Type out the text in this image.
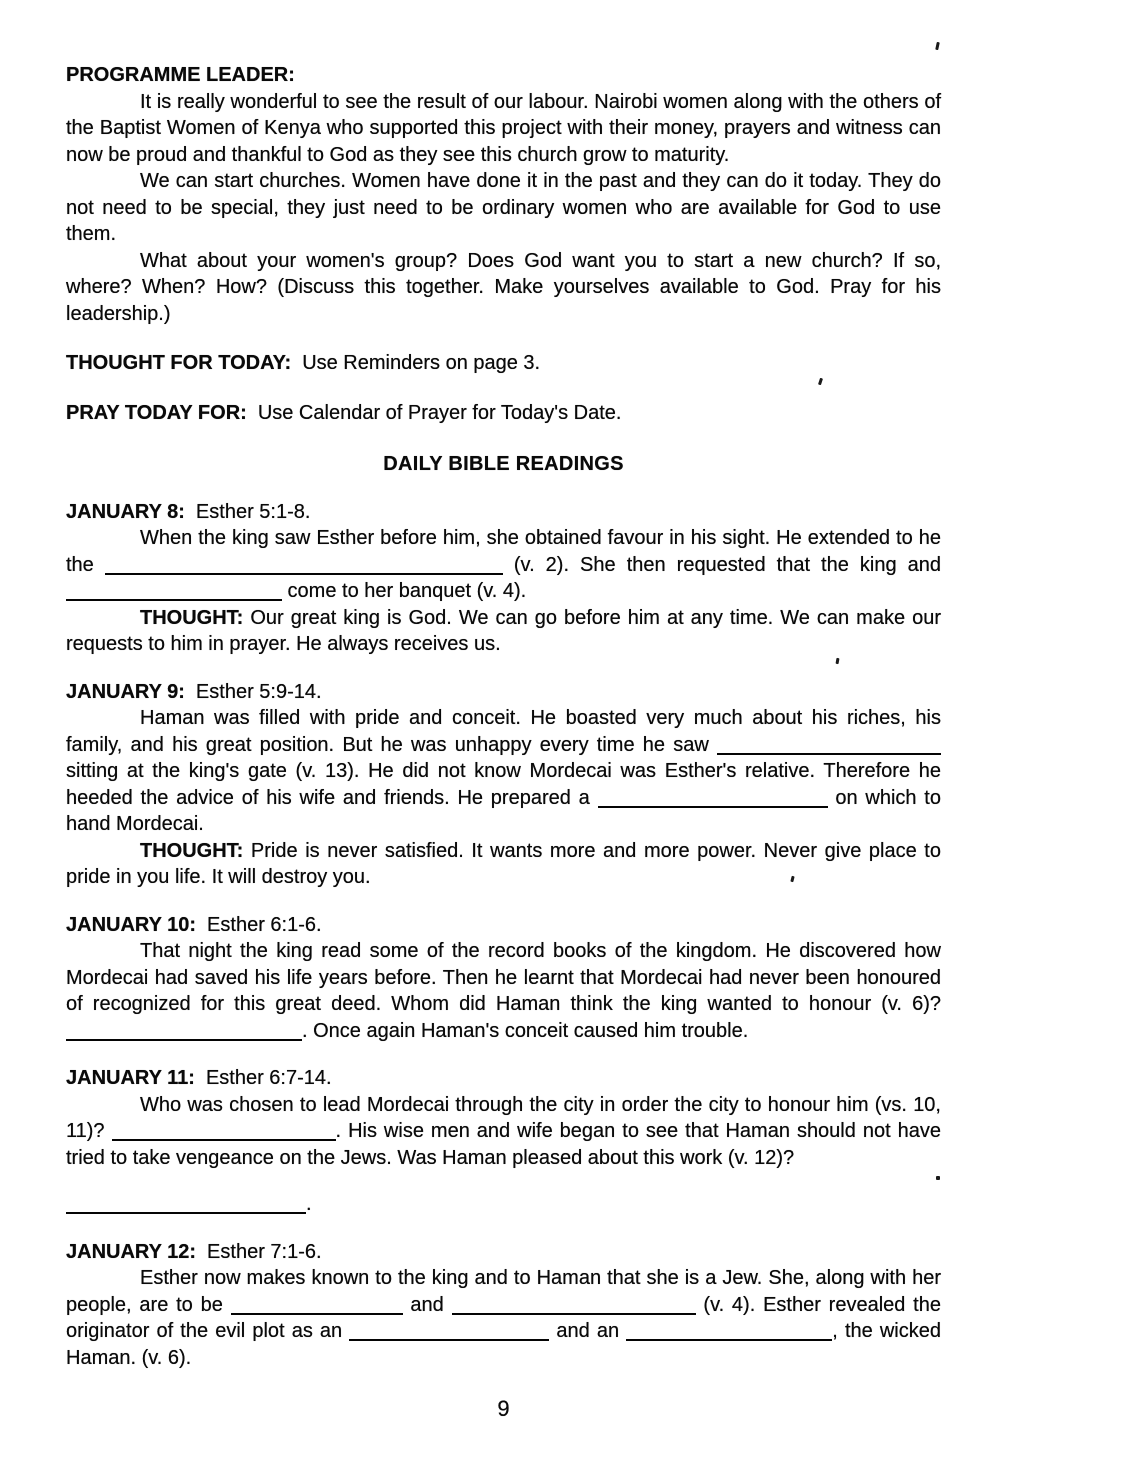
PROGRAMME LEADER:

It is really wonderful to see the result of our labour. Nairobi women along with the others of the Baptist Women of Kenya who supported this project with their money, prayers and witness can now be proud and thankful to God as they see this church grow to maturity.

We can start churches. Women have done it in the past and they can do it today. They do not need to be special, they just need to be ordinary women who are available for God to use them.

What about your women's group? Does God want you to start a new church? If so, where? When? How? (Discuss this together. Make yourselves available to God. Pray for his leadership.)

THOUGHT FOR TODAY: Use Reminders on page 3.

PRAY TODAY FOR: Use Calendar of Prayer for Today's Date.

DAILY BIBLE READINGS

JANUARY 8: Esther 5:1-8.

When the king saw Esther before him, she obtained favour in his sight. He extended to he the	(v. 2). She then requested that the king and  come to her banquet (v. 4).

THOUGHT: Our great king is God. We can go before him at any time. We can make our requests to him in prayer. He always receives us.

JANUARY 9: Esther 5:9-14.

Haman was filled with pride and conceit. He boasted very much about his riches, his family, and his great position. But he was unhappy every time he saw  sitting at the king's gate (v. 13). He did not know Mordecai was Esther's relative. Therefore he heeded the advice of his wife and friends. He prepared a	on which to hand Mordecai.

THOUGHT: Pride is never satisfied. It wants more and more power. Never give place to pride in you life. It will destroy you.

JANUARY 10: Esther 6:1-6.

That night the king read some of the record books of the kingdom. He discovered how Mordecai had saved his life years before. Then he learnt that Mordecai had never been honoured of recognized for this great deed. Whom did Haman think the king wanted to honour (v. 6)? . Once again Haman's conceit caused him trouble.

JANUARY 11: Esther 6:7-14.

Who was chosen to lead Mordecai through the city in order the city to honour him (vs. 10, 11)?	. His wise men and wife began to see that Haman should not have tried to take vengeance on the Jews. Was Haman pleased about this work (v. 12)?

.

JANUARY 12: Esther 7:1-6.

Esther now makes known to the king and to Haman that she is a Jew. She, along with her people, are to be	and	(v. 4). Esther revealed the originator of the evil plot as an	and an	, the wicked Haman. (v. 6).

9
